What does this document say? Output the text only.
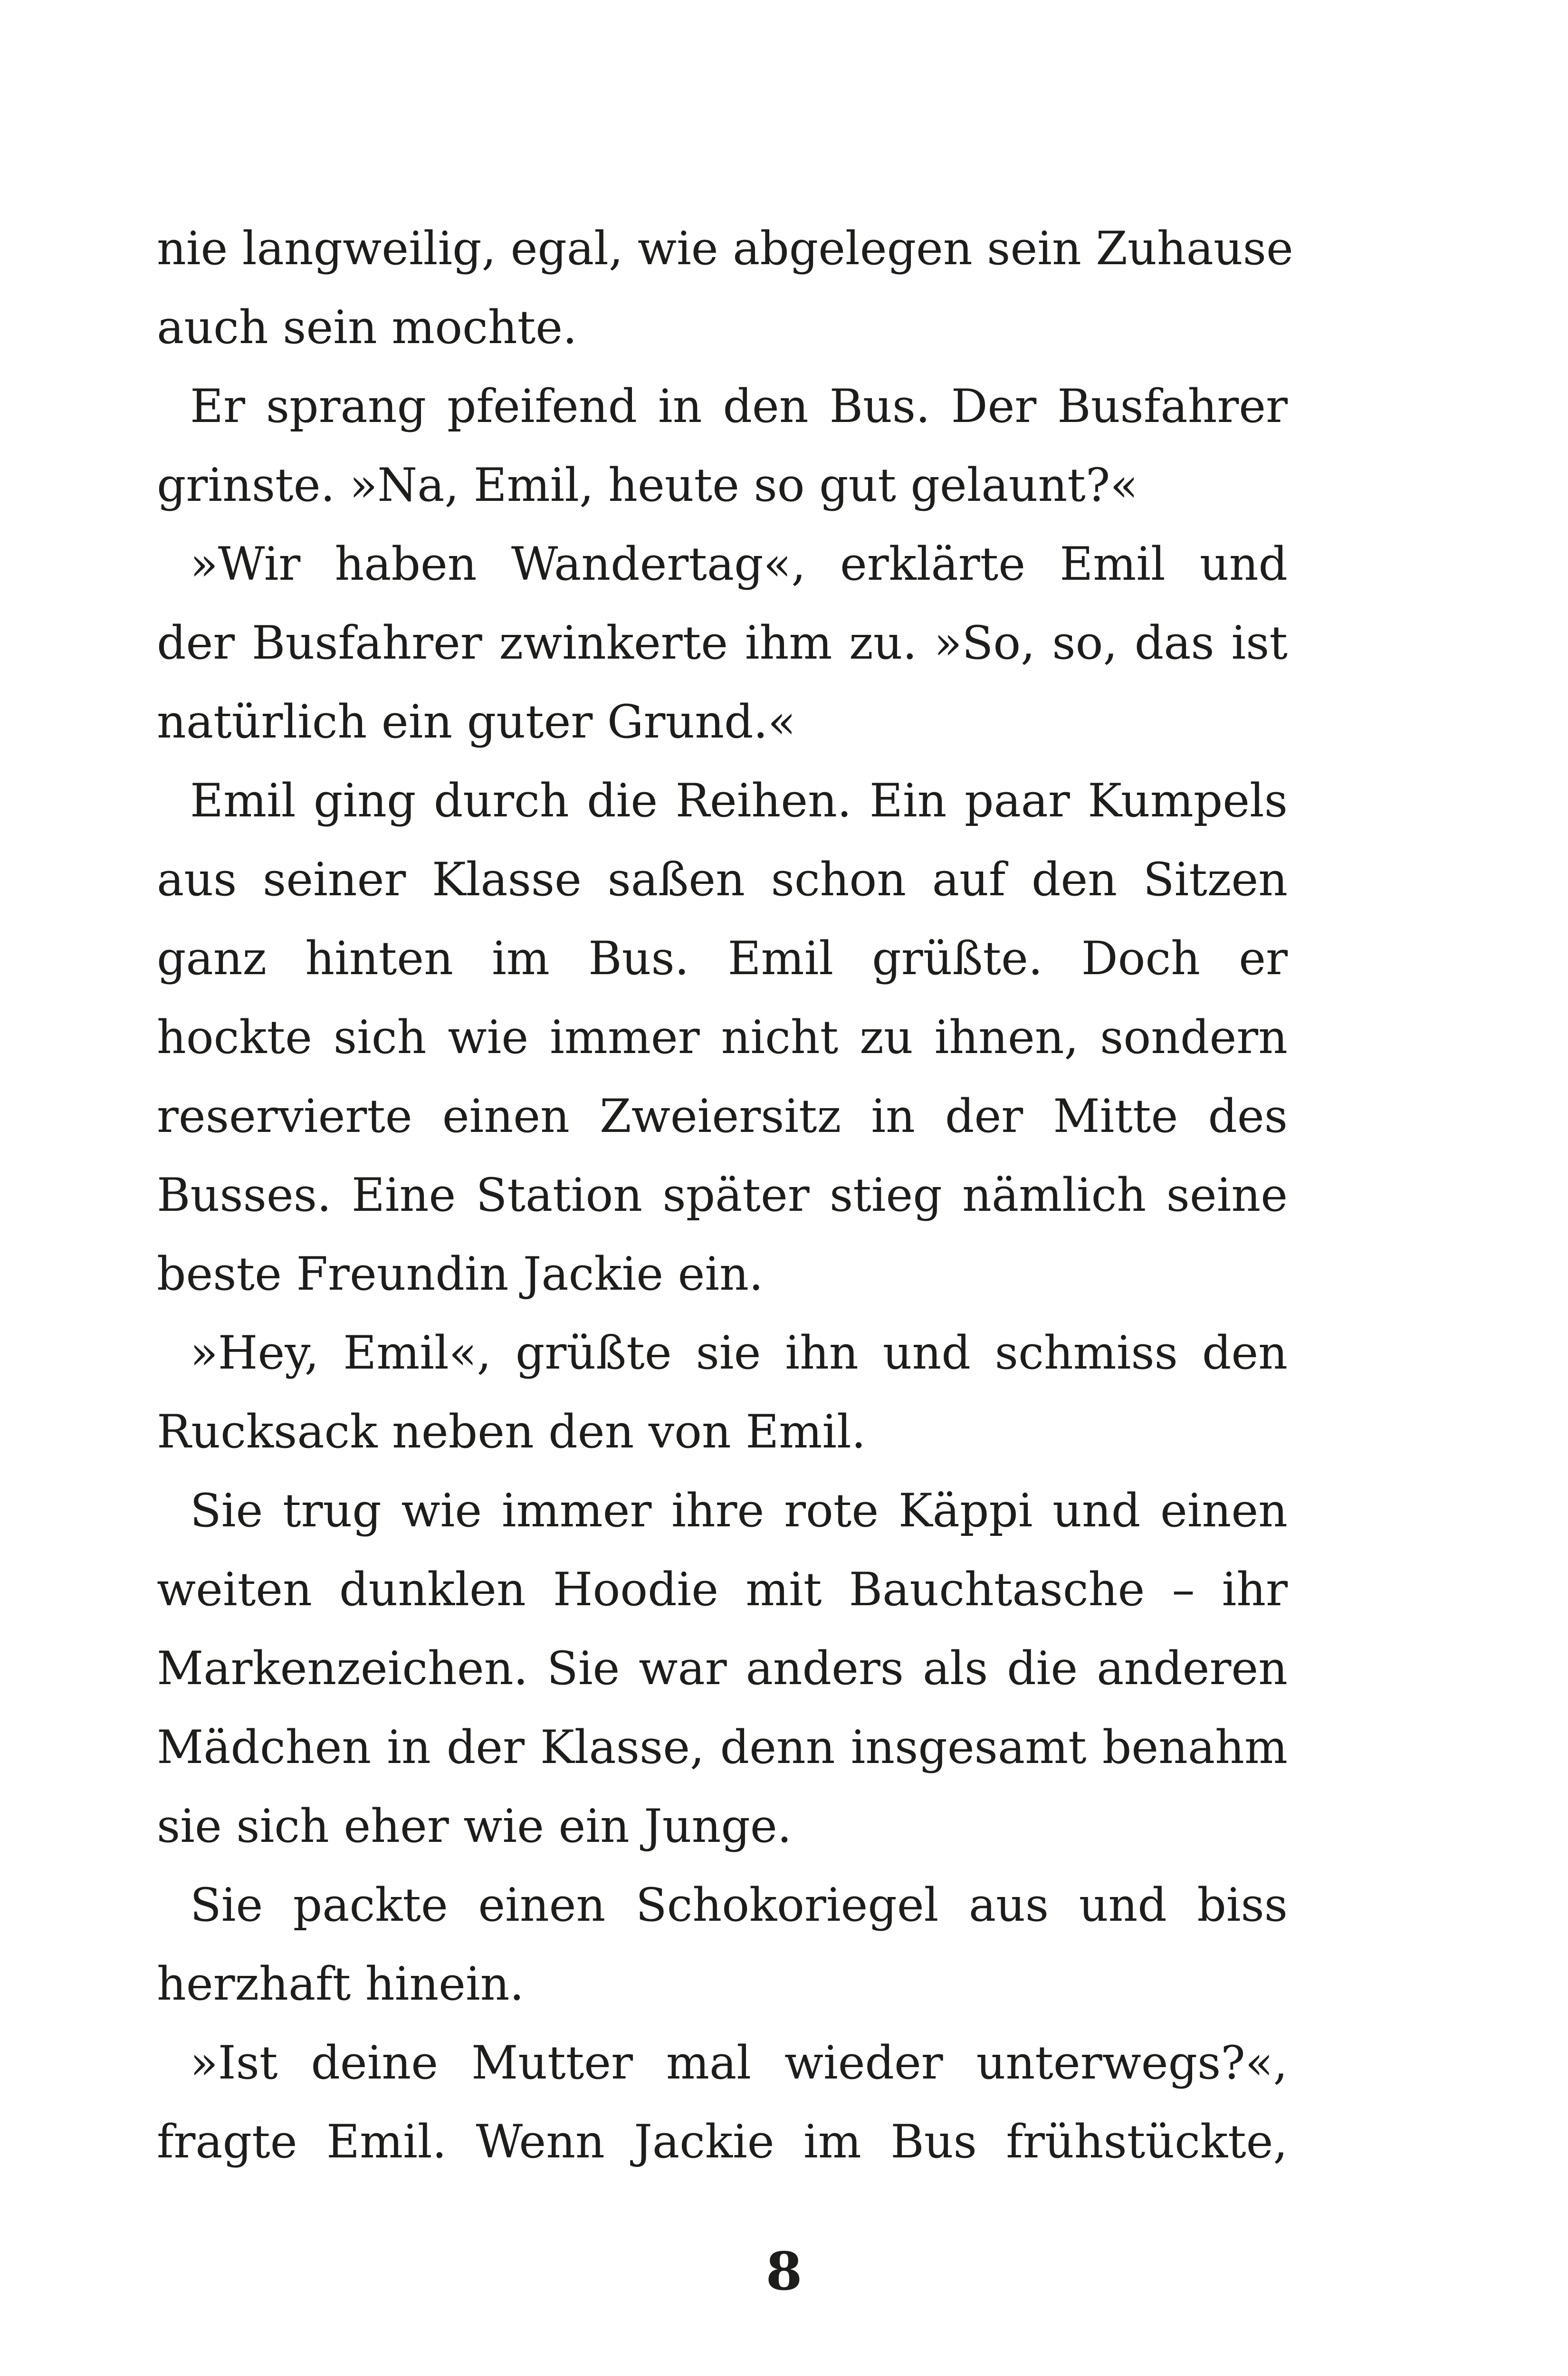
nie langweilig, egal, wie abgelegen sein Zuhause
auch sein mochte.
Er sprang pfeifend in den Bus. Der Busfahrer
grinste. »Na, Emil, heute so gut gelaunt?«
»Wir haben Wandertag«, erklärte Emil und
der Busfahrer zwinkerte ihm zu. »So, so, das ist
natürlich ein guter Grund.«
Emil ging durch die Reihen. Ein paar Kumpels
aus seiner Klasse saßen schon auf den Sitzen
ganz hinten im Bus. Emil grüßte. Doch er
hockte sich wie immer nicht zu ihnen, sondern
reservierte einen Zweiersitz in der Mitte des
Busses. Eine Station später stieg nämlich seine
beste Freundin Jackie ein.
»Hey, Emil«, grüßte sie ihn und schmiss den
Rucksack neben den von Emil.
Sie trug wie immer ihre rote Käppi und einen
weiten dunklen Hoodie mit Bauchtasche – ihr
Markenzeichen. Sie war anders als die anderen
Mädchen in der Klasse, denn insgesamt benahm
sie sich eher wie ein Junge.
Sie packte einen Schokoriegel aus und biss
herzhaft hinein.
»Ist deine Mutter mal wieder unterwegs?«,
fragte Emil. Wenn Jackie im Bus frühstückte,
8
